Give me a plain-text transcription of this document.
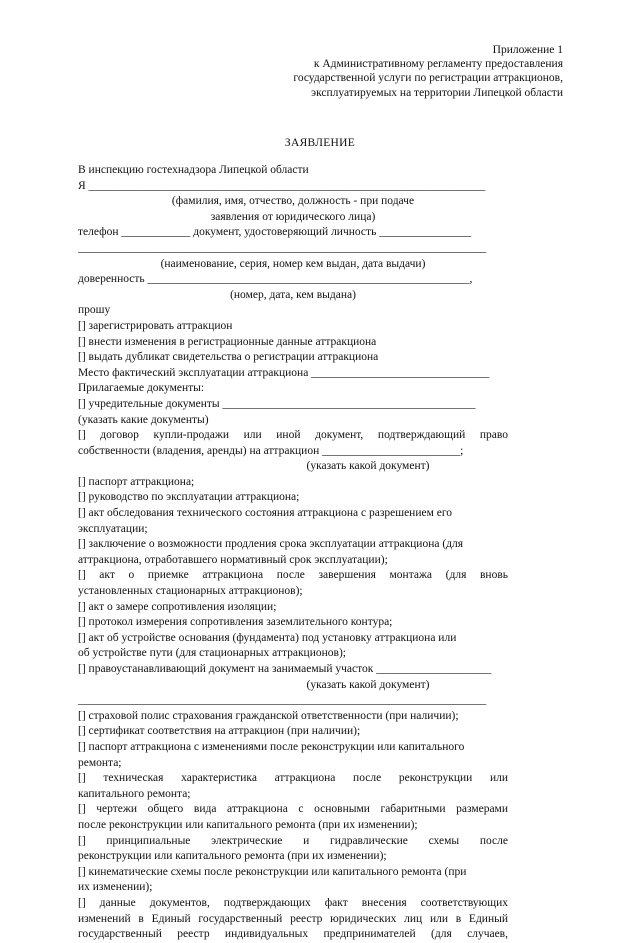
Приложение 1
к Административному регламенту предоставления
государственной услуги по регистрации аттракционов,
эксплуатируемых на территории Липецкой области
ЗАЯВЛЕНИЕ
В инспекцию гостехнадзора Липецкой области
Я _____________________________________________________________________
(фамилия, имя, отчество, должность - при подаче
заявления от юридического лица)
телефон ____________ документ, удостоверяющий личность ________________
_______________________________________________________________________
(наименование, серия, номер кем выдан, дата выдачи)
доверенность ________________________________________________________,
(номер, дата, кем выдана)
прошу
[] зарегистрировать аттракцион
[] внести изменения в регистрационные данные аттракциона
[] выдать дубликат свидетельства о регистрации аттракциона
Место фактический эксплуатации аттракциона _______________________________
Прилагаемые документы:
[] учредительные документы ____________________________________________
(указать какие документы)
[] договор купли-продажи или иной документ, подтверждающий право
собственности (владения, аренды) на аттракцион ________________________;
(указать какой документ)
[] паспорт аттракциона;
[] руководство по эксплуатации аттракциона;
[] акт обследования технического состояния аттракциона с разрешением его
эксплуатации;
[] заключение о возможности продления срока эксплуатации аттракциона (для
аттракциона, отработавшего нормативный срок эксплуатации);
[] акт о приемке аттракциона после завершения монтажа (для вновь
установленных стационарных аттракционов);
[] акт о замере сопротивления изоляции;
[] протокол измерения сопротивления заземлительного контура;
[] акт об устройстве основания (фундамента) под установку аттракциона или
об устройстве пути (для стационарных аттракционов);
[] правоустанавливающий документ на занимаемый участок ____________________
(указать какой документ)
_______________________________________________________________________
[] страховой полис страхования гражданской ответственности (при наличии);
[] сертификат соответствия на аттракцион (при наличии);
[] паспорт аттракциона с изменениями после реконструкции или капитального
ремонта;
[] техническая характеристика аттракциона после реконструкции или
капитального ремонта;
[] чертежи общего вида аттракциона с основными габаритными размерами
после реконструкции или капитального ремонта (при их изменении);
[] принципиальные электрические и гидравлические схемы после
реконструкции или капитального ремонта (при их изменении);
[] кинематические схемы после реконструкции или капитального ремонта (при
их изменении);
[] данные документов, подтверждающих факт внесения соответствующих
изменений в Единый государственный реестр юридических лиц или в Единый
государственный реестр индивидуальных предпринимателей (для случаев,
